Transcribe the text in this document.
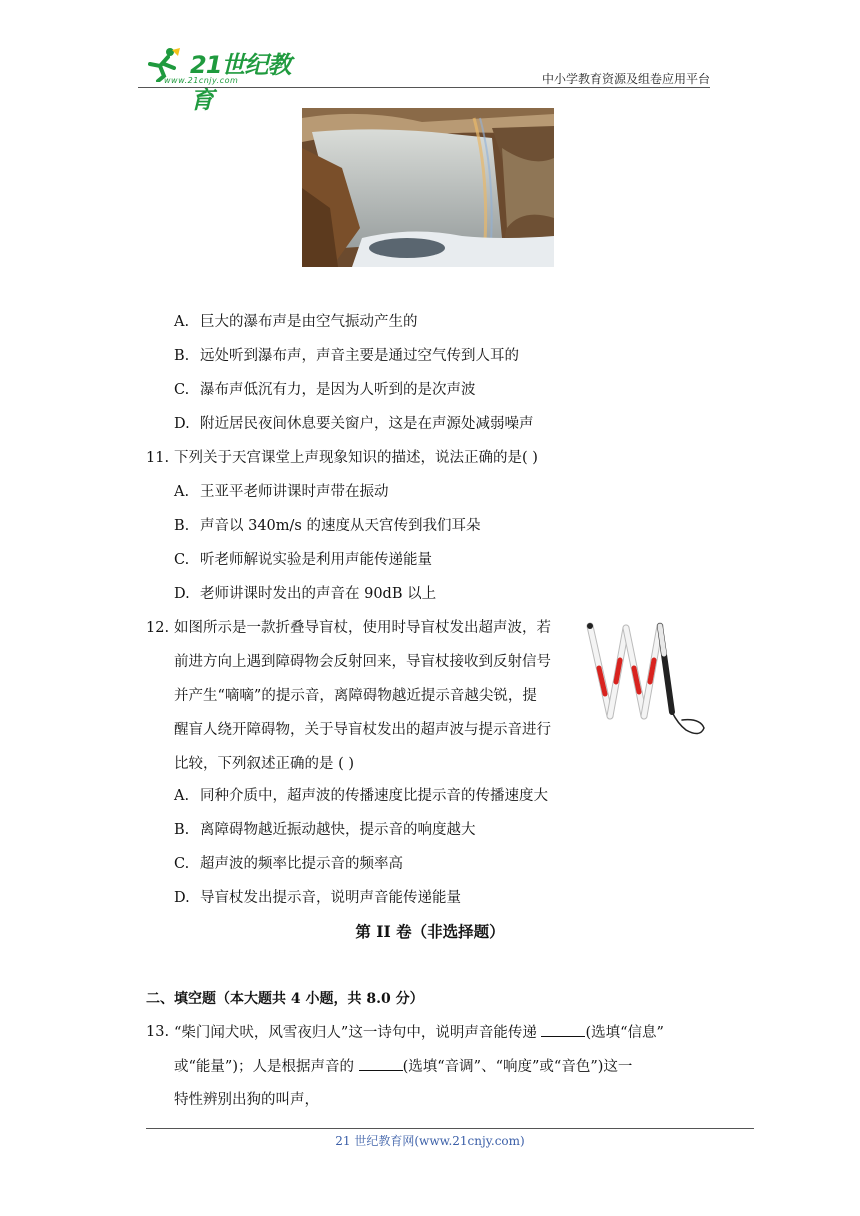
21世纪教育
www.21cnjy.com	中小学教育资源及组卷应用平台
A. 巨大的瀑布声是由空气振动产生的
B. 远处听到瀑布声，声音主要是通过空气传到人耳的
C. 瀑布声低沉有力，是因为人听到的是次声波
D. 附近居民夜间休息要关窗户，这是在声源处减弱噪声
11. 下列关于天宫课堂上声现象知识的描述，说法正确的是( )
A. 王亚平老师讲课时声带在振动
B. 声音以 340m/s 的速度从天宫传到我们耳朵
C. 听老师解说实验是利用声能传递能量
D. 老师讲课时发出的声音在 90dB 以上
12. 如图所示是一款折叠导盲杖，使用时导盲杖发出超声波，若
前进方向上遇到障碍物会反射回来，导盲杖接收到反射信号
并产生“嘀嘀”的提示音，离障碍物越近提示音越尖锐，提
醒盲人绕开障碍物，关于导盲杖发出的超声波与提示音进行
比较，下列叙述正确的是 ( )
A. 同种介质中，超声波的传播速度比提示音的传播速度大
B. 离障碍物越近振动越快，提示音的响度越大
C. 超声波的频率比提示音的频率高
D. 导盲杖发出提示音，说明声音能传递能量
第 II 卷（非选择题）
二、填空题（本大题共 4 小题，共 8.0 分）
13. “柴门闻犬吠，风雪夜归人”这一诗句中，说明声音能传递	(选填“信息”
或“能量”)；人是根据声音的	(选填“音调”、“响度”或“音色”)这一
特性辨别出狗的叫声，
21 世纪教育网(www.21cnjy.com)
